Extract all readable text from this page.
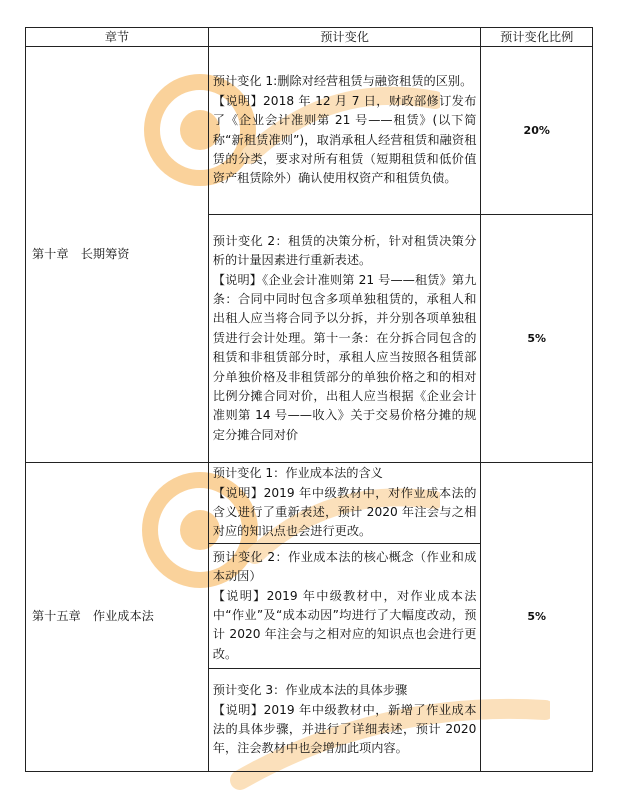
章节	预计变化	预计变化比例
第十章　长期筹资	预计变化 1:删除对经营租赁与融资租赁的区别。

【说明】2018 年 12 月 7 日，财政部修订发布了《企业会计准则第 21 号——租赁》(以下简称“新租赁准则”)，取消承租人经营租赁和融资租赁的分类，要求对所有租赁（短期租赁和低价值资产租赁除外）确认使用权资产和租赁负债。	20%

	预计变化 2：租赁的决策分析，针对租赁决策分析的计量因素进行重新表述。

【说明】《企业会计准则第 21 号——租赁》第九条：合同中同时包含多项单独租赁的，承租人和出租人应当将合同予以分拆，并分别各项单独租赁进行会计处理。第十一条：在分拆合同包含的租赁和非租赁部分时，承租人应当按照各租赁部分单独价格及非租赁部分的单独价格之和的相对比例分摊合同对价，出租人应当根据《企业会计准则第 14 号——收入》关于交易价格分摊的规定分摊合同对价	5%
第十五章　作业成本法	预计变化 1：作业成本法的含义

【说明】2019 年中级教材中，对作业成本法的含义进行了重新表述，预计 2020 年注会与之相对应的知识点也会进行更改。	5%

	预计变化 2：作业成本法的核心概念（作业和成本动因）

【说明】2019 年中级教材中，对作业成本法中“作业”及“成本动因”均进行了大幅度改动，预计 2020 年注会与之相对应的知识点也会进行更改。	

	预计变化 3：作业成本法的具体步骤

【说明】2019 年中级教材中，新增了作业成本法的具体步骤，并进行了详细表述，预计 2020 年，注会教材中也会增加此项内容。	
